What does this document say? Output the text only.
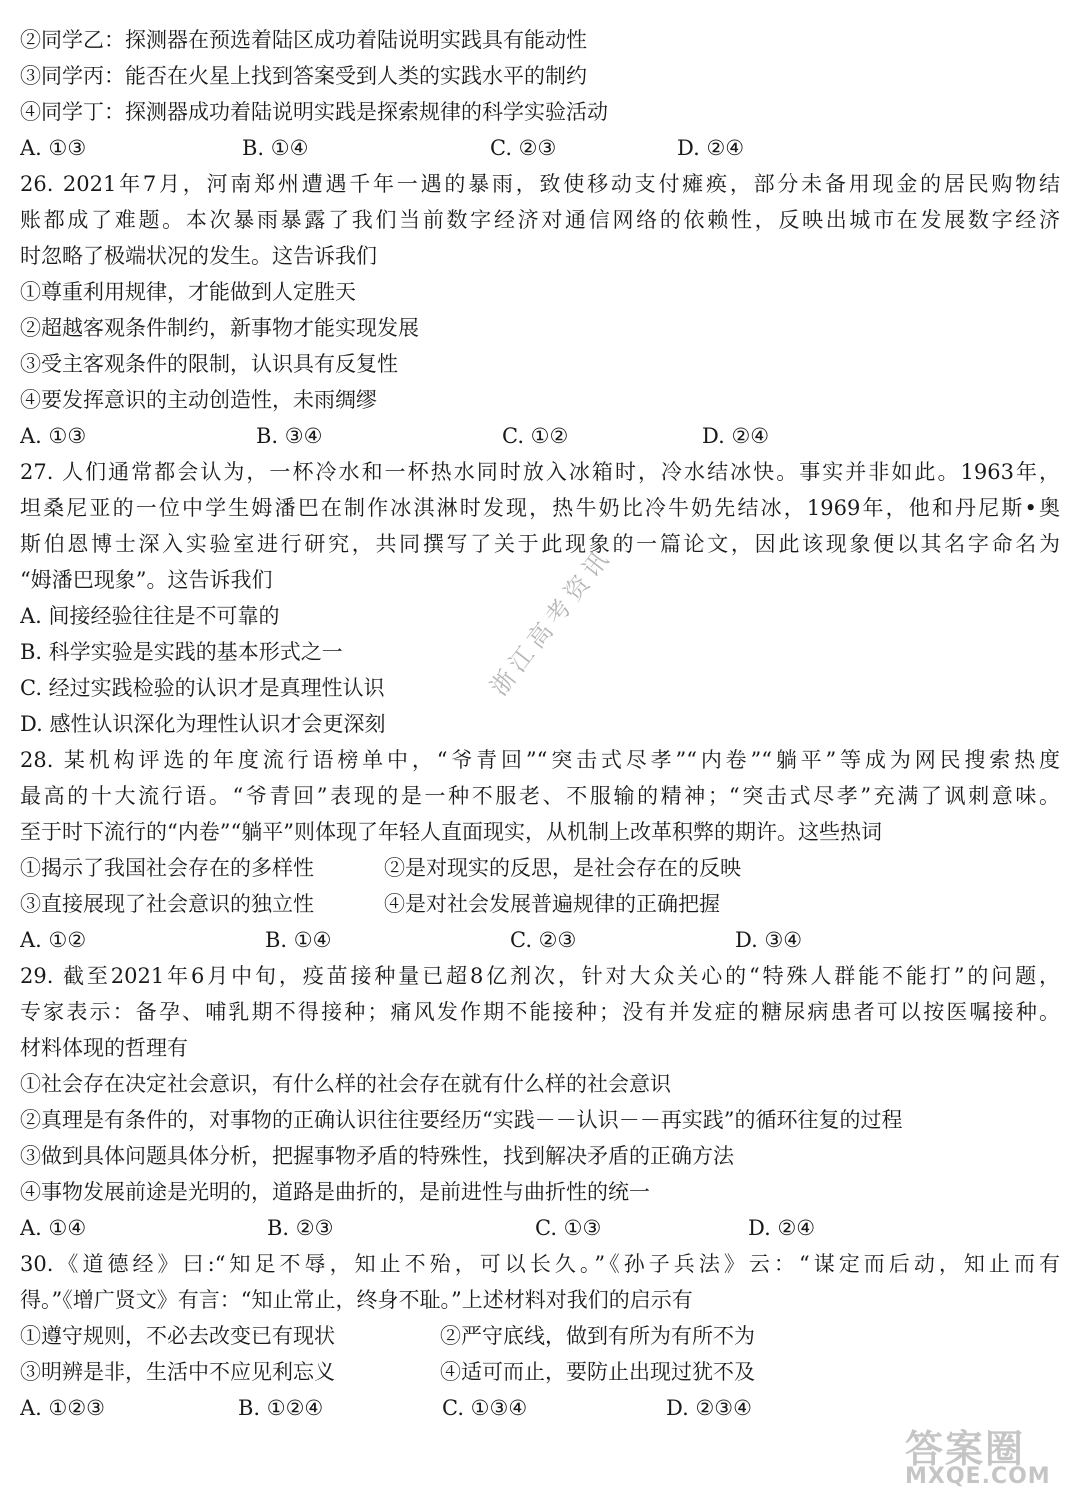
②同学乙：探测器在预选着陆区成功着陆说明实践具有能动性
③同学丙：能否在火星上找到答案受到人类的实践水平的制约
④同学丁：探测器成功着陆说明实践是探索规律的科学实验活动
A. ①③	B. ①④	C. ②③	D. ②④
26. 2021年7月，河南郑州遭遇千年一遇的暴雨，致使移动支付瘫痪，部分未备用现金的居民购物结
账都成了难题。本次暴雨暴露了我们当前数字经济对通信网络的依赖性，反映出城市在发展数字经济
时忽略了极端状况的发生。这告诉我们
①尊重利用规律，才能做到人定胜天
②超越客观条件制约，新事物才能实现发展
③受主客观条件的限制，认识具有反复性
④要发挥意识的主动创造性，未雨绸缪
A. ①③	B. ③④	C. ①②	D. ②④
27. 人们通常都会认为，一杯冷水和一杯热水同时放入冰箱时，冷水结冰快。事实并非如此。1963年，
坦桑尼亚的一位中学生姆潘巴在制作冰淇淋时发现，热牛奶比冷牛奶先结冰，1969年，他和丹尼斯•奥
斯伯恩博士深入实验室进行研究，共同撰写了关于此现象的一篇论文，因此该现象便以其名字命名为
“姆潘巴现象”。这告诉我们
A. 间接经验往往是不可靠的
B. 科学实验是实践的基本形式之一
C. 经过实践检验的认识才是真理性认识
D. 感性认识深化为理性认识才会更深刻
28. 某机构评选的年度流行语榜单中，“爷青回”“突击式尽孝”“内卷”“躺平”等成为网民搜索热度
最高的十大流行语。“爷青回”表现的是一种不服老、不服输的精神；“突击式尽孝”充满了讽刺意味。
至于时下流行的“内卷”“躺平”则体现了年轻人直面现实，从机制上改革积弊的期许。这些热词
①揭示了我国社会存在的多样性	②是对现实的反思，是社会存在的反映
③直接展现了社会意识的独立性	④是对社会发展普遍规律的正确把握
A. ①②	B. ①④	C. ②③	D. ③④
29. 截至2021年6月中旬，疫苗接种量已超8亿剂次，针对大众关心的“特殊人群能不能打”的问题，
专家表示：备孕、哺乳期不得接种；痛风发作期不能接种；没有并发症的糖尿病患者可以按医嘱接种。
材料体现的哲理有
①社会存在决定社会意识，有什么样的社会存在就有什么样的社会意识
②真理是有条件的，对事物的正确认识往往要经历“实践－－认识－－再实践”的循环往复的过程
③做到具体问题具体分析，把握事物矛盾的特殊性，找到解决矛盾的正确方法
④事物发展前途是光明的，道路是曲折的，是前进性与曲折性的统一
A. ①④	B. ②③	C. ①③	D. ②④
30.《道德经》曰:“知足不辱，知止不殆，可以长久。”《孙子兵法》云：“谋定而后动，知止而有
得。”《增广贤文》有言：“知止常止，终身不耻。”上述材料对我们的启示有
①遵守规则，不必去改变已有现状	②严守底线，做到有所为有所不为
③明辨是非，生活中不应见利忘义	④适可而止，要防止出现过犹不及
A. ①②③	B. ①②④	C. ①③④	D. ②③④
浙江高考资讯
答案圈
MXQE.COM
